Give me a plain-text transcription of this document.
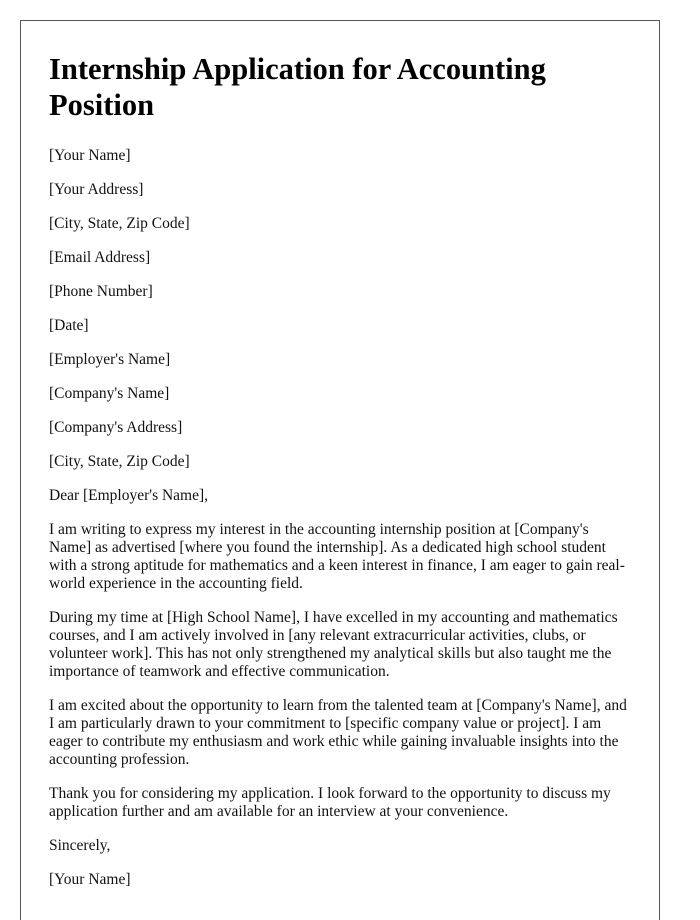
Internship Application for Accounting Position

[Your Name]

[Your Address]

[City, State, Zip Code]

[Email Address]

[Phone Number]

[Date]

[Employer's Name]

[Company's Name]

[Company's Address]

[City, State, Zip Code]

Dear [Employer's Name],

I am writing to express my interest in the accounting internship position at [Company's Name] as advertised [where you found the internship]. As a dedicated high school student with a strong aptitude for mathematics and a keen interest in finance, I am eager to gain real-world experience in the accounting field.

During my time at [High School Name], I have excelled in my accounting and mathematics courses, and I am actively involved in [any relevant extracurricular activities, clubs, or volunteer work]. This has not only strengthened my analytical skills but also taught me the importance of teamwork and effective communication.

I am excited about the opportunity to learn from the talented team at [Company's Name], and I am particularly drawn to your commitment to [specific company value or project]. I am eager to contribute my enthusiasm and work ethic while gaining invaluable insights into the accounting profession.

Thank you for considering my application. I look forward to the opportunity to discuss my application further and am available for an interview at your convenience.

Sincerely,

[Your Name]
